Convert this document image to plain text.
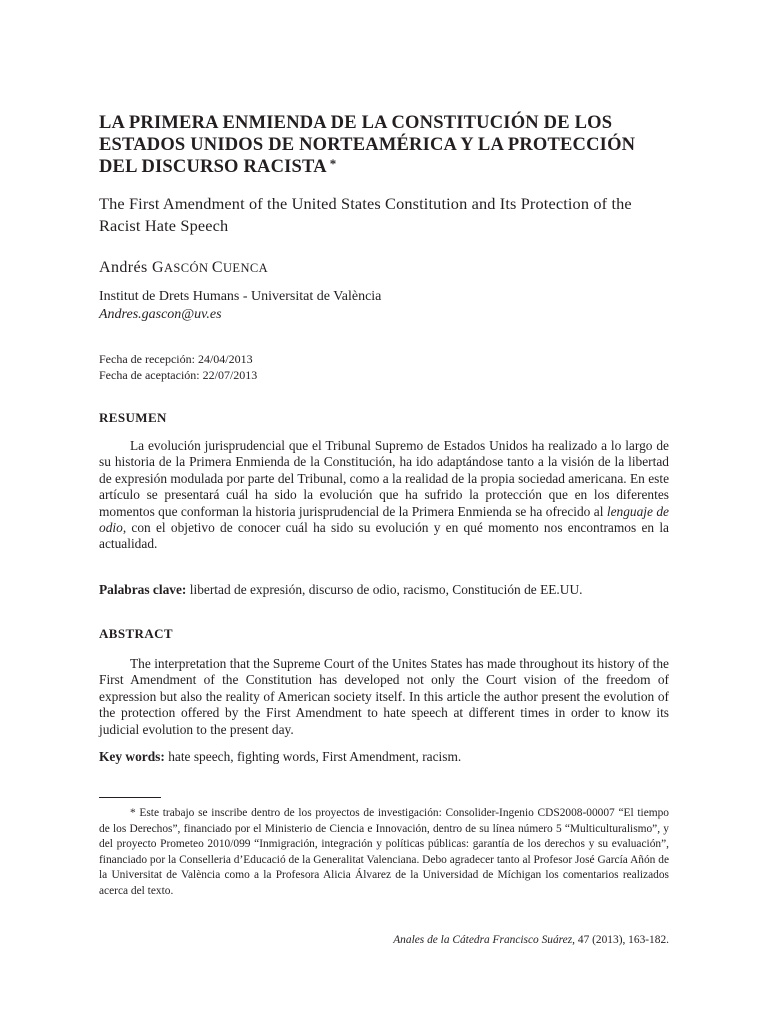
LA PRIMERA ENMIENDA DE LA CONSTITUCIÓN DE LOS ESTADOS UNIDOS DE NORTEAMÉRICA Y LA PROTECCIÓN DEL DISCURSO RACISTA *
The First Amendment of the United States Constitution and Its Protection of the Racist Hate Speech
Andrés GASCÓN CUENCA
Institut de Drets Humans - Universitat de València
Andres.gascon@uv.es
Fecha de recepción: 24/04/2013
Fecha de aceptación: 22/07/2013
RESUMEN
La evolución jurisprudencial que el Tribunal Supremo de Estados Unidos ha realizado a lo largo de su historia de la Primera Enmienda de la Constitución, ha ido adaptándose tanto a la visión de la libertad de expresión modulada por parte del Tribunal, como a la realidad de la propia sociedad americana. En este artículo se presentará cuál ha sido la evolución que ha sufrido la protección que en los diferentes momentos que conforman la historia jurisprudencial de la Primera Enmienda se ha ofrecido al lenguaje de odio, con el objetivo de conocer cuál ha sido su evolución y en qué momento nos encontramos en la actualidad.
Palabras clave: libertad de expresión, discurso de odio, racismo, Constitución de EE.UU.
ABSTRACT
The interpretation that the Supreme Court of the Unites States has made throughout its history of the First Amendment of the Constitution has developed not only the Court vision of the freedom of expression but also the reality of American society itself. In this article the author present the evolution of the protection offered by the First Amendment to hate speech at different times in order to know its judicial evolution to the present day.
Key words: hate speech, fighting words, First Amendment, racism.
* Este trabajo se inscribe dentro de los proyectos de investigación: Consolider-Ingenio CDS2008-00007 “El tiempo de los Derechos”, financiado por el Ministerio de Ciencia e Innovación, dentro de su línea número 5 “Multiculturalismo”, y del proyecto Prometeo 2010/099 “Inmigración, integración y políticas públicas: garantía de los derechos y su evaluación”, financiado por la Conselleria d’Educació de la Generalitat Valenciana. Debo agradecer tanto al Profesor José García Añón de la Universitat de València como a la Profesora Alicia Álvarez de la Universidad de Míchigan los comentarios realizados acerca del texto.
Anales de la Cátedra Francisco Suárez, 47 (2013), 163-182.
